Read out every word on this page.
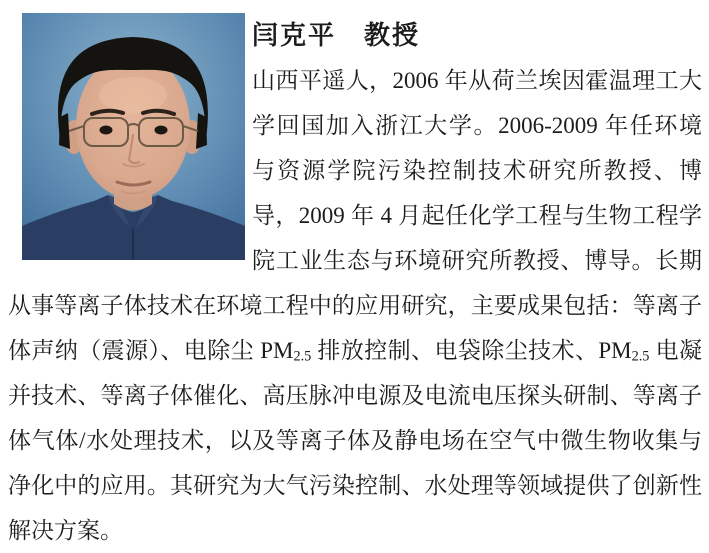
闫克平　教授

山西平遥人，2006 年从荷兰埃因霍温理工大学回国加入浙江大学。2006-2009 年任环境与资源学院污染控制技术研究所教授、博导，2009 年 4 月起任化学工程与生物工程学院工业生态与环境研究所教授、博导。长期从事等离子体技术在环境工程中的应用研究，主要成果包括：等离子体声纳（震源）、电除尘 $PM_{2.5}$ 排放控制、电袋除尘技术、$PM_{2.5}$ 电凝并技术、等离子体催化、高压脉冲电源及电流电压探头研制、等离子体气体/水处理技术，以及等离子体及静电场在空气中微生物收集与净化中的应用。其研究为大气污染控制、水处理等领域提供了创新性解决方案。
